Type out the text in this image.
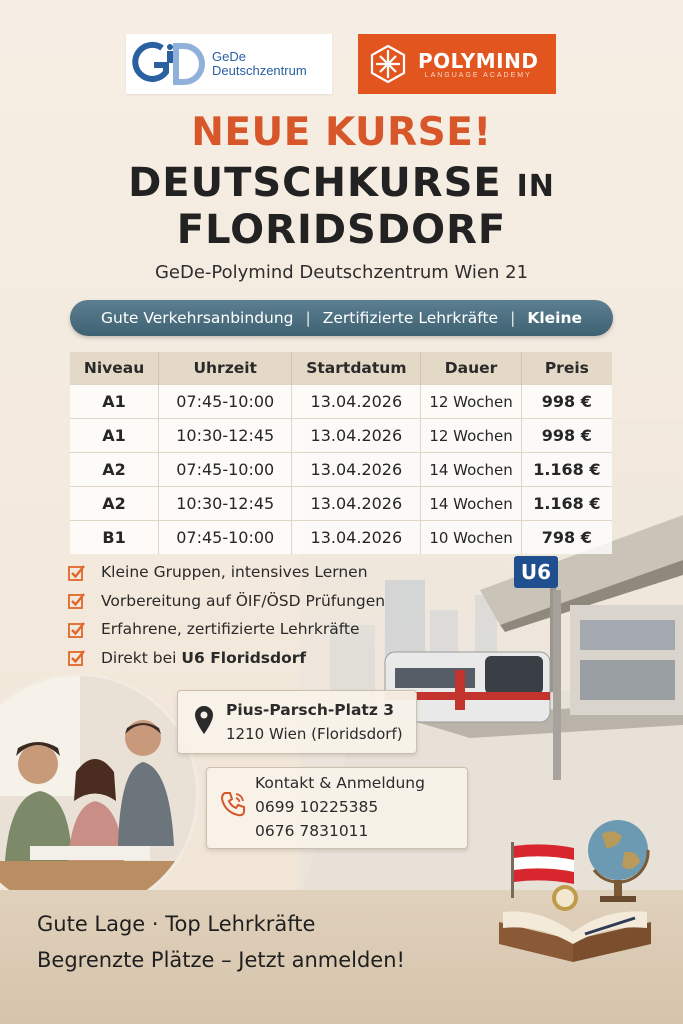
GeDe
Deutschzentrum	POLYMIND
LANGUAGE ACADEMY
NEUE KURSE!
DEUTSCHKURSE IN
FLORIDSDORF
GeDe-Polymind Deutschzentrum Wien 21
Gute Verkehrsanbindung | Zertifizierte Lehrkräfte | Kleine
U6
Niveau	Uhrzeit	Startdatum	Dauer	Preis
A1	07:45-10:00	13.04.2026	12 Wochen	998 €
A1	10:30-12:45	13.04.2026	12 Wochen	998 €
A2	07:45-10:00	13.04.2026	14 Wochen	1.168 €
A2	10:30-12:45	13.04.2026	14 Wochen	1.168 €
B1	07:45-10:00	13.04.2026	10 Wochen	798 €
Kleine Gruppen, intensives Lernen
Vorbereitung auf ÖIF/ÖSD Prüfungen
Erfahrene, zertifizierte Lehrkräfte
Direkt bei U6 Floridsdorf
Pius-Parsch-Platz 3
1210 Wien (Floridsdorf)
Kontakt & Anmeldung
0699 10225385
0676 7831011
Gute Lage · Top Lehrkräfte
Begrenzte Plätze – Jetzt anmelden!
